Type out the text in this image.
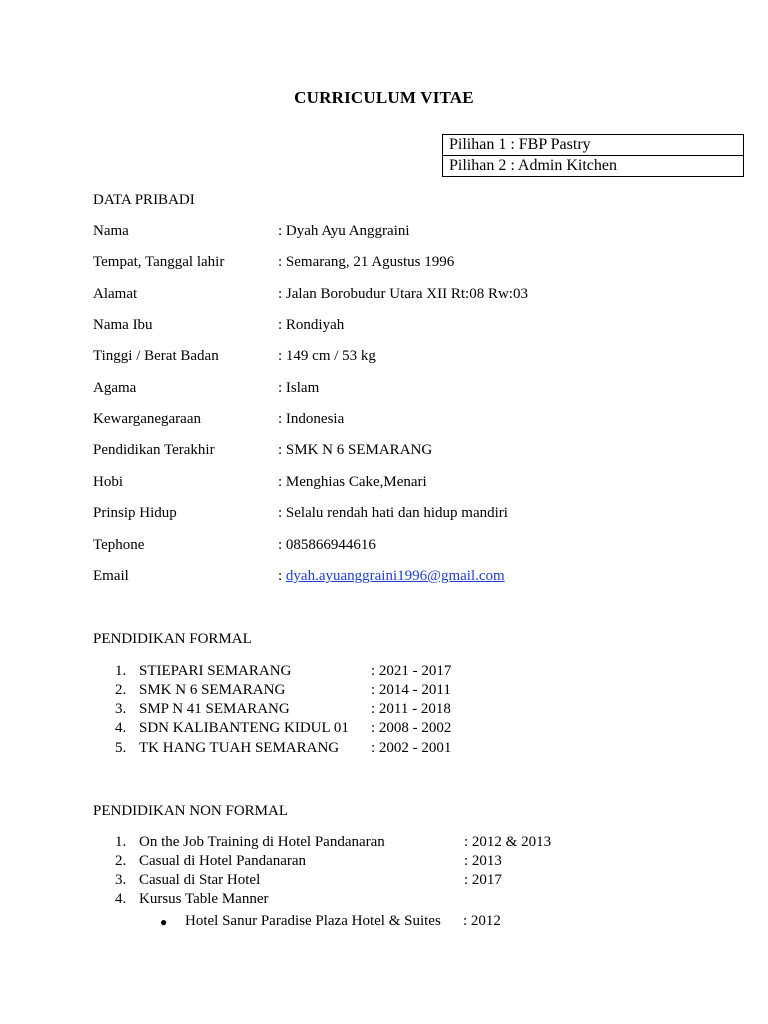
CURRICULUM VITAE
Pilihan 1 : FBP Pastry
Pilihan 2 : Admin Kitchen
DATA PRIBADI
Nama	: Dyah Ayu Anggraini
Tempat, Tanggal lahir	: Semarang, 21 Agustus 1996
Alamat	: Jalan Borobudur Utara XII Rt:08 Rw:03
Nama Ibu	: Rondiyah
Tinggi / Berat Badan	: 149 cm / 53 kg
Agama	: Islam
Kewarganegaraan	: Indonesia
Pendidikan Terakhir	: SMK N 6 SEMARANG
Hobi	: Menghias Cake,Menari
Prinsip Hidup	: Selalu rendah hati dan hidup mandiri
Tephone	: 085866944616
Email	: dyah.ayuanggraini1996@gmail.com
PENDIDIKAN FORMAL
1. STIEPARI SEMARANG	: 2021 - 2017
2. SMK N 6 SEMARANG	: 2014 - 2011
3. SMP N 41 SEMARANG	: 2011 - 2018
4. SDN KALIBANTENG KIDUL 01 : 2008 - 2002
5. TK HANG TUAH SEMARANG : 2002 - 2001
PENDIDIKAN NON FORMAL
1. On the Job Training di Hotel Pandanaran	: 2012 & 2013
2. Casual di Hotel Pandanaran	: 2013
3. Casual di Star Hotel	: 2017
4. Kursus Table Manner
● Hotel Sanur Paradise Plaza Hotel & Suites : 2012
